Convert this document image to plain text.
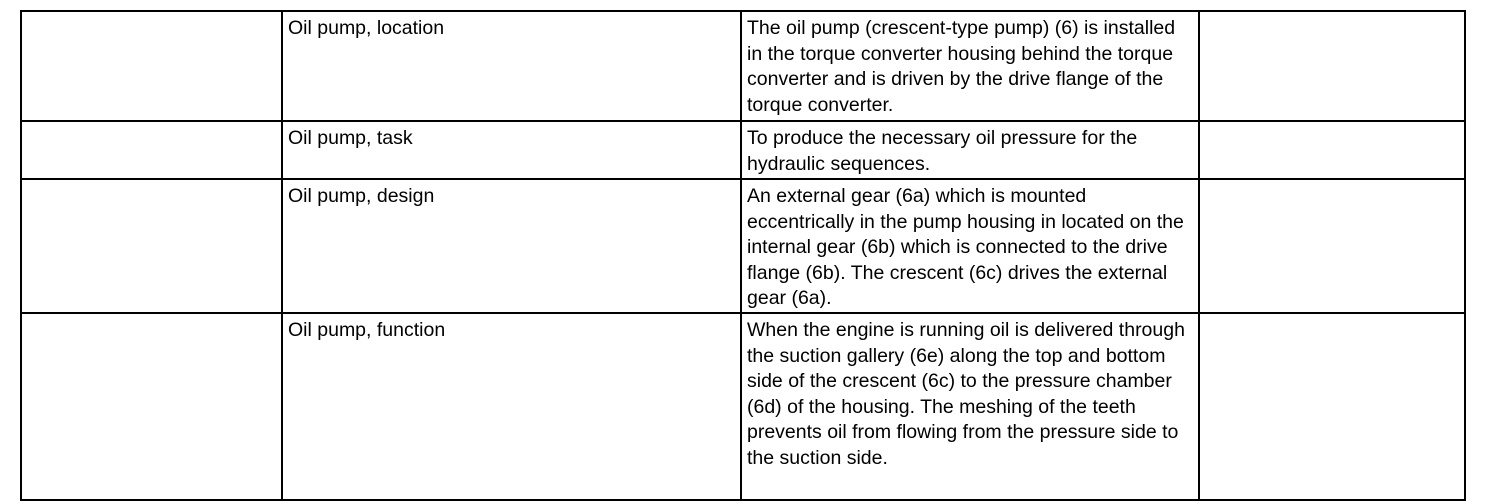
	Oil pump, location	The oil pump (crescent-type pump) (6) is installed in the torque converter housing behind the torque converter and is driven by the drive flange of the torque converter.	
	Oil pump, task	To produce the necessary oil pressure for the hydraulic sequences.	
	Oil pump, design	An external gear (6a) which is mounted eccentrically in the pump housing in located on the internal gear (6b) which is connected to the drive flange (6b). The crescent (6c) drives the external gear (6a).	
	Oil pump, function	When the engine is running oil is delivered through the suction gallery (6e) along the top and bottom side of the crescent (6c) to the pressure chamber (6d) of the housing. The meshing of the teeth prevents oil from flowing from the pressure side to the suction side.	
